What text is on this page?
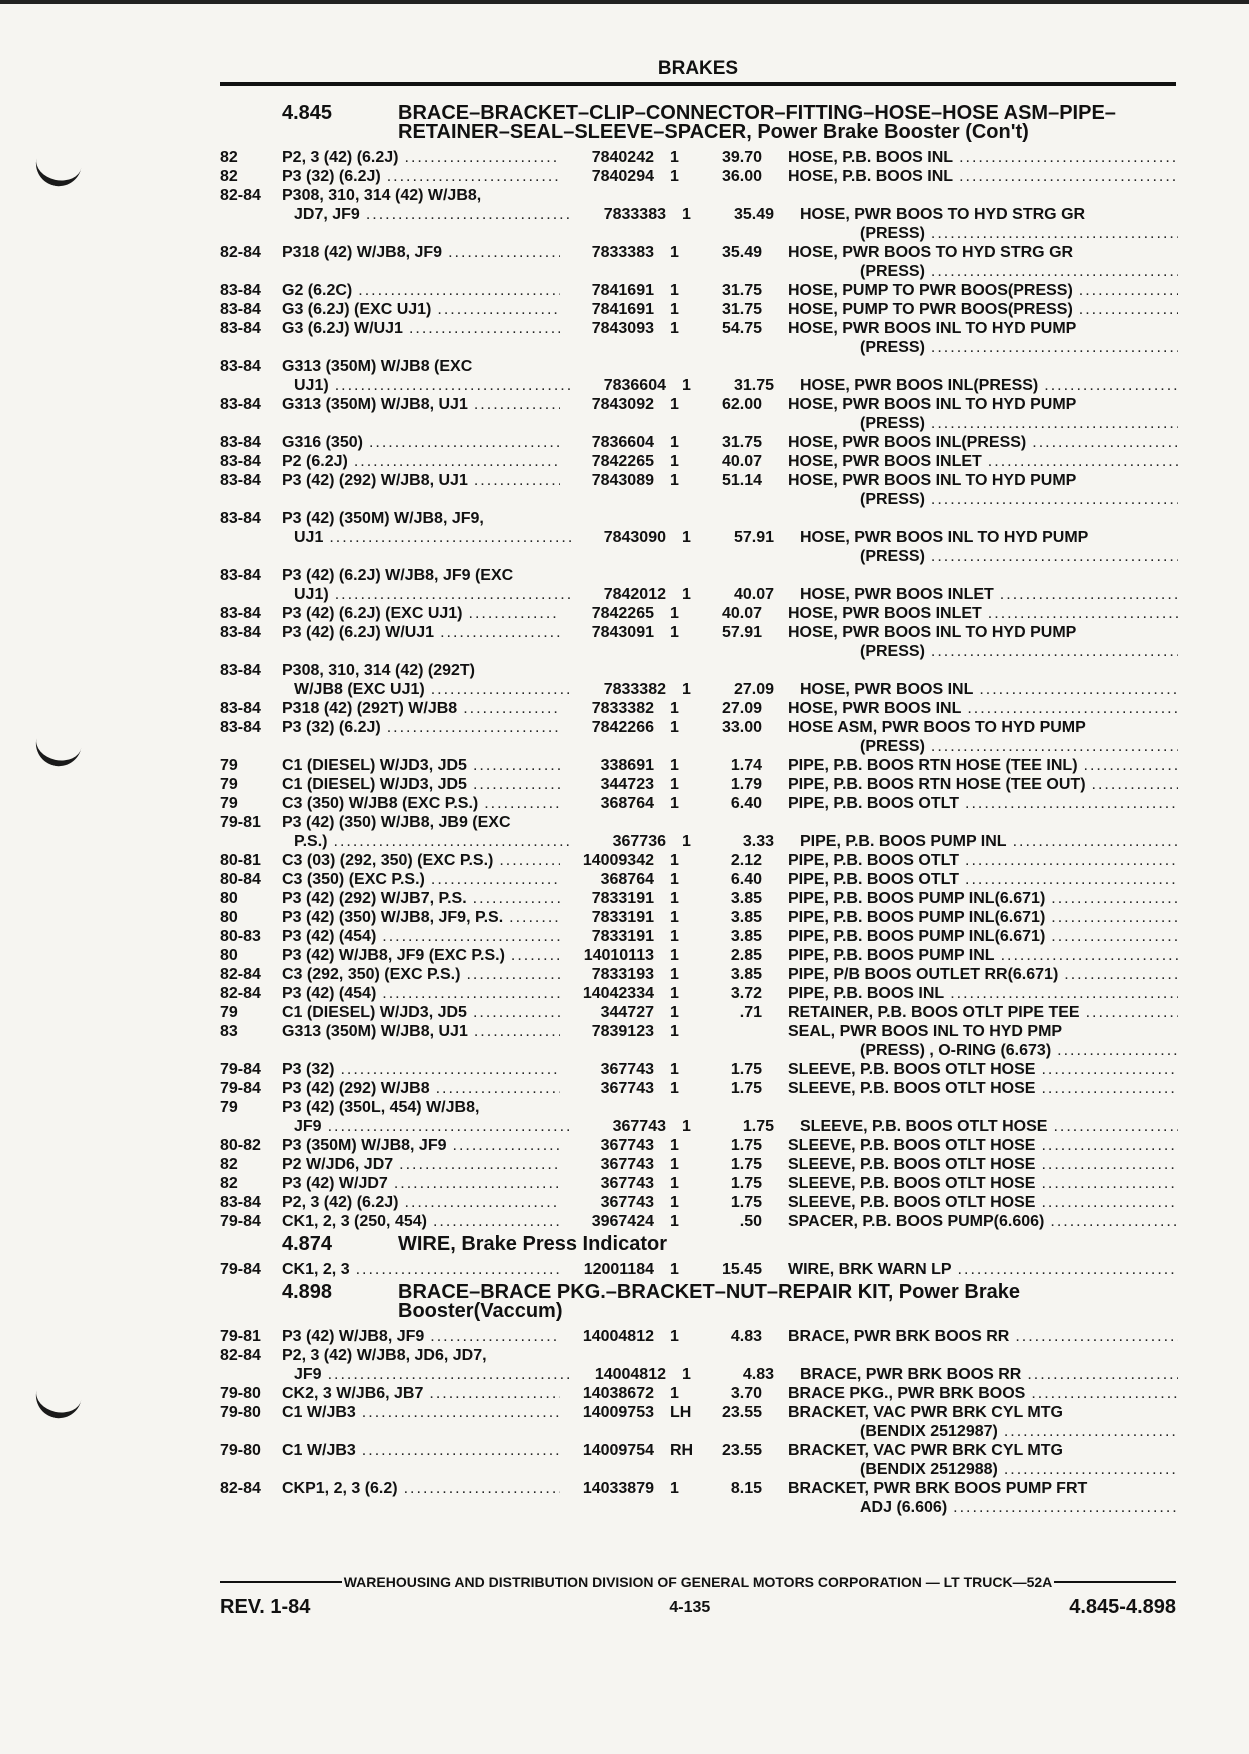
BRAKES
4.845	BRACE–BRACKET–CLIP–CONNECTOR–FITTING–HOSE–HOSE ASM–PIPE–RETAINER–SEAL–SLEEVE–SPACER, Power Brake Booster (Con't)
82	P2, 3 (42) (6.2J) .....	7840242	1	39.70 HOSE, P.B. BOOS INL
.....
82	P3 (32) (6.2J) .....	7840294	1	36.00 HOSE, P.B. BOOS INL
.....
82-84	P308, 310, 314 (42) W/JB8,
JD7, JF9 .....	7833383	1	35.49 HOSE, PWR BOOS TO HYD STRG GR
(PRESS)
.....
82-84	P318 (42) W/JB8, JF9 .....	7833383	1	35.49 HOSE, PWR BOOS TO HYD STRG GR
(PRESS)
.....
83-84	G2 (6.2C) .....	7841691	1	31.75 HOSE, PUMP TO PWR BOOS(PRESS)
.....
83-84	G3 (6.2J) (EXC UJ1) .....	7841691	1	31.75 HOSE, PUMP TO PWR BOOS(PRESS)
.....
83-84	G3 (6.2J) W/UJ1 .....	7843093	1	54.75 HOSE, PWR BOOS INL TO HYD PUMP
(PRESS)
.....
83-84	G313 (350M) W/JB8 (EXC
UJ1) .....	7836604	1	31.75 HOSE, PWR BOOS INL(PRESS)
.....
83-84	G313 (350M) W/JB8, UJ1 .....	7843092	1	62.00 HOSE, PWR BOOS INL TO HYD PUMP
(PRESS)
.....
83-84	G316 (350) .....	7836604	1	31.75 HOSE, PWR BOOS INL(PRESS)
.....
83-84	P2 (6.2J) .....	7842265	1	40.07 HOSE, PWR BOOS INLET
.....
83-84	P3 (42) (292) W/JB8, UJ1 .....	7843089	1	51.14 HOSE, PWR BOOS INL TO HYD PUMP
(PRESS)
.....
83-84	P3 (42) (350M) W/JB8, JF9,
UJ1 .....	7843090	1	57.91 HOSE, PWR BOOS INL TO HYD PUMP
(PRESS)
.....
83-84	P3 (42) (6.2J) W/JB8, JF9 (EXC
UJ1) .....	7842012	1	40.07 HOSE, PWR BOOS INLET
.....
83-84	P3 (42) (6.2J) (EXC UJ1) .....	7842265	1	40.07 HOSE, PWR BOOS INLET
.....
83-84	P3 (42) (6.2J) W/UJ1 .....	7843091	1	57.91 HOSE, PWR BOOS INL TO HYD PUMP
(PRESS)
.....
83-84	P308, 310, 314 (42) (292T)
W/JB8 (EXC UJ1) .....	7833382	1	27.09 HOSE, PWR BOOS INL
.....
83-84	P318 (42) (292T) W/JB8 .....	7833382	1	27.09 HOSE, PWR BOOS INL
.....
83-84	P3 (32) (6.2J) .....	7842266	1	33.00 HOSE ASM, PWR BOOS TO HYD PUMP
(PRESS)
.....
79	C1 (DIESEL) W/JD3, JD5 .....	338691	1	1.74 PIPE, P.B. BOOS RTN HOSE (TEE INL)
.....
79	C1 (DIESEL) W/JD3, JD5 .....	344723	1	1.79 PIPE, P.B. BOOS RTN HOSE (TEE OUT)
.....
79	C3 (350) W/JB8 (EXC P.S.) .....	368764	1	6.40 PIPE, P.B. BOOS OTLT
.....
79-81	P3 (42) (350) W/JB8, JB9 (EXC
P.S.) .....	367736	1	3.33 PIPE, P.B. BOOS PUMP INL
.....
80-81	C3 (03) (292, 350) (EXC P.S.) .....	14009342	1	2.12 PIPE, P.B. BOOS OTLT
.....
80-84	C3 (350) (EXC P.S.) .....	368764	1	6.40 PIPE, P.B. BOOS OTLT
.....
80	P3 (42) (292) W/JB7, P.S. .....	7833191	1	3.85 PIPE, P.B. BOOS PUMP INL(6.671)
.....
80	P3 (42) (350) W/JB8, JF9, P.S. .....	7833191	1	3.85 PIPE, P.B. BOOS PUMP INL(6.671)
.....
80-83	P3 (42) (454) .....	7833191	1	3.85 PIPE, P.B. BOOS PUMP INL(6.671)
.....
80	P3 (42) W/JB8, JF9 (EXC P.S.) .....	14010113	1	2.85 PIPE, P.B. BOOS PUMP INL
.....
82-84	C3 (292, 350) (EXC P.S.) .....	7833193	1	3.85 PIPE, P/B BOOS OUTLET RR(6.671)
.....
82-84	P3 (42) (454) .....	14042334	1	3.72 PIPE, P.B. BOOS INL
.....
79	C1 (DIESEL) W/JD3, JD5 .....	344727	1	.71 RETAINER, P.B. BOOS OTLT PIPE TEE
.....
83	G313 (350M) W/JB8, UJ1 .....	7839123	1	SEAL, PWR BOOS INL TO HYD PMP
(PRESS) , O-RING (6.673)
.....
79-84	P3 (32) .....	367743	1	1.75 SLEEVE, P.B. BOOS OTLT HOSE
.....
79-84	P3 (42) (292) W/JB8 .....	367743	1	1.75 SLEEVE, P.B. BOOS OTLT HOSE
.....
79	P3 (42) (350L, 454) W/JB8,
JF9 .....	367743	1	1.75 SLEEVE, P.B. BOOS OTLT HOSE
.....
80-82	P3 (350M) W/JB8, JF9 .....	367743	1	1.75 SLEEVE, P.B. BOOS OTLT HOSE
.....
82	P2 W/JD6, JD7 .....	367743	1	1.75 SLEEVE, P.B. BOOS OTLT HOSE
.....
82	P3 (42) W/JD7 .....	367743	1	1.75 SLEEVE, P.B. BOOS OTLT HOSE
.....
83-84	P2, 3 (42) (6.2J) .....	367743	1	1.75 SLEEVE, P.B. BOOS OTLT HOSE
.....
79-84	CK1, 2, 3 (250, 454) .....	3967424	1	.50 SPACER, P.B. BOOS PUMP(6.606)
.....
4.874	WIRE, Brake Press Indicator
79-84	CK1, 2, 3 .....	12001184	1	15.45 WIRE, BRK WARN LP
.....
4.898	BRACE–BRACE PKG.–BRACKET–NUT–REPAIR KIT, Power Brake Booster(Vaccum)
79-81	P3 (42) W/JB8, JF9 .....	14004812	1	4.83 BRACE, PWR BRK BOOS RR
.....
82-84	P2, 3 (42) W/JB8, JD6, JD7,
JF9 .....	14004812	1	4.83 BRACE, PWR BRK BOOS RR
.....
79-80	CK2, 3 W/JB6, JB7 .....	14038672	1	3.70 BRACE PKG., PWR BRK BOOS
.....
79-80	C1 W/JB3 .....	14009753	LH	23.55 BRACKET, VAC PWR BRK CYL MTG
(BENDIX 2512987)
.....
79-80	C1 W/JB3 .....	14009754	RH	23.55 BRACKET, VAC PWR BRK CYL MTG
(BENDIX 2512988)
.....
82-84	CKP1, 2, 3 (6.2) .....	14033879	1	8.15 BRACKET, PWR BRK BOOS PUMP FRT
ADJ (6.606)
.....
WAREHOUSING AND DISTRIBUTION DIVISION OF GENERAL MOTORS CORPORATION — LT TRUCK—52A
REV. 1-84	4-135	4.845-4.898
